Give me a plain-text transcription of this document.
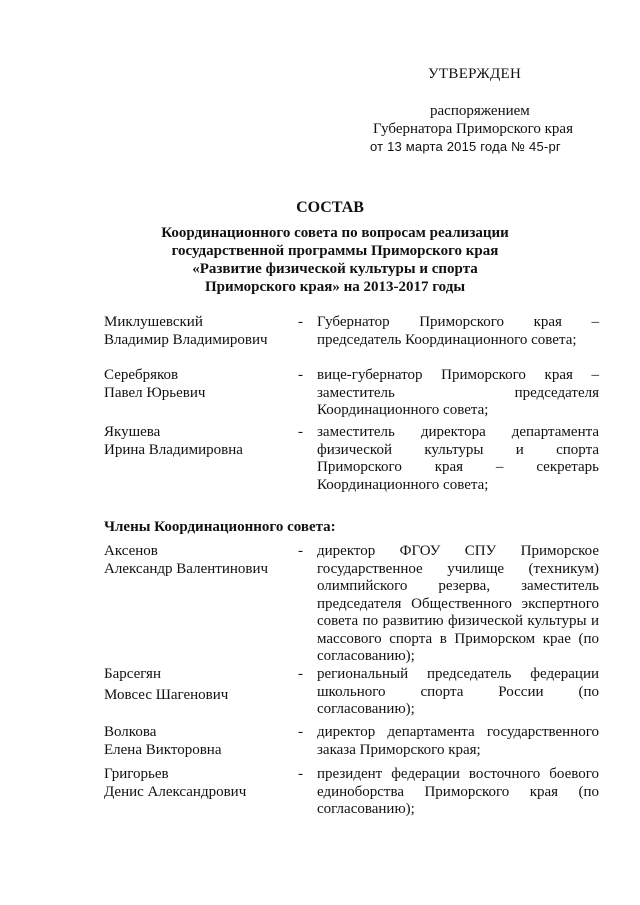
УТВЕРЖДЕН
распоряжением
Губернатора Приморского края
от 13 марта 2015 года № 45-рг
СОСТАВ
Координационного совета по вопросам реализации
государственной программы Приморского края
«Развитие физической культуры и спорта
Приморского края» на 2013-2017 годы
Миклушевский
Владимир Владимирович
- Губернатор Приморского края –
председатель Координационного совета;
Серебряков
Павел Юрьевич
- вице-губернатор Приморского края –
заместитель председателя
Координационного совета;
Якушева
Ирина Владимировна
- заместитель директора департамента
физической культуры и спорта
Приморского края – секретарь
Координационного совета;
Члены Координационного совета:
Аксенов
Александр Валентинович
- директор ФГОУ СПУ Приморское
государственное училище (техникум)
олимпийского резерва, заместитель
председателя Общественного экспертного
совета по развитию физической культуры и
массового спорта в Приморском крае (по
согласованию);
Барсегян
Мовсес Шагенович
- региональный председатель федерации
школьного спорта России (по
согласованию);
Волкова
Елена Викторовна
- директор департамента государственного
заказа Приморского края;
Григорьев
Денис Александрович
- президент федерации восточного боевого
единоборства Приморского края (по
согласованию);
